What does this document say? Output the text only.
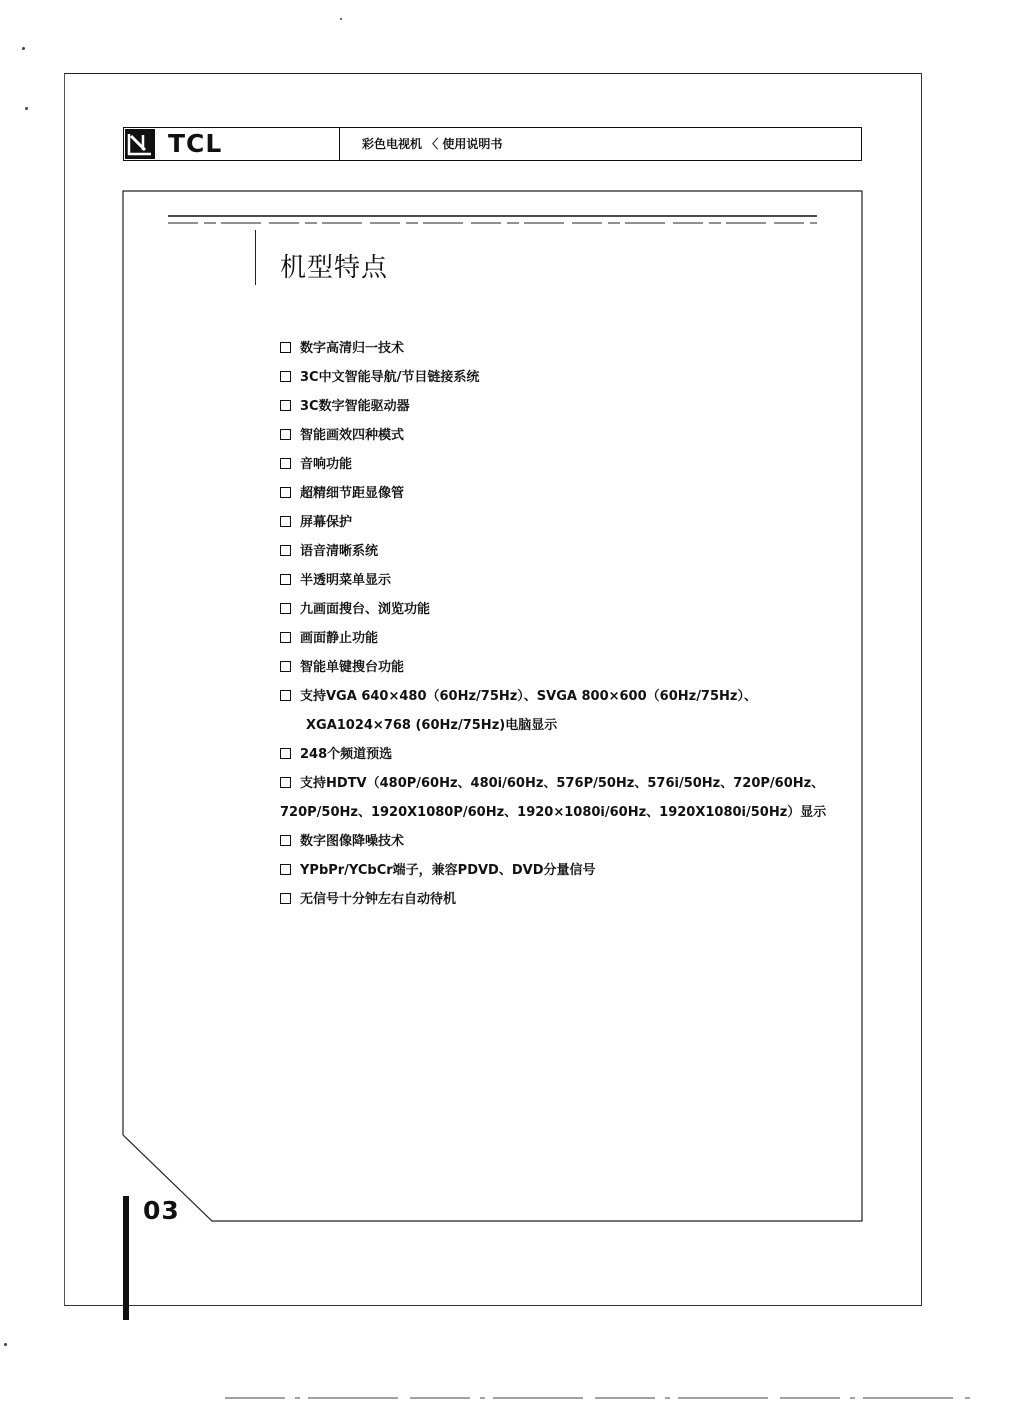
TCL	彩色电视机 〈 使用说明书
机型特点
数字高清归一技术
3C中文智能导航/节目链接系统
3C数字智能驱动器
智能画效四种模式
音响功能
超精细节距显像管
屏幕保护
语音清晰系统
半透明菜单显示
九画面搜台、浏览功能
画面静止功能
智能单键搜台功能
支持VGA 640×480（60Hz/75Hz）、SVGA 800×600（60Hz/75Hz）、
XGA1024×768 (60Hz/75Hz)电脑显示
248个频道预选
支持HDTV（480P/60Hz、480i/60Hz、576P/50Hz、576i/50Hz、720P/60Hz、
720P/50Hz、1920X1080P/60Hz、1920×1080i/60Hz、1920X1080i/50Hz）显示
数字图像降噪技术
YPbPr/YCbCr端子，兼容PDVD、DVD分量信号
无信号十分钟左右自动待机
03
